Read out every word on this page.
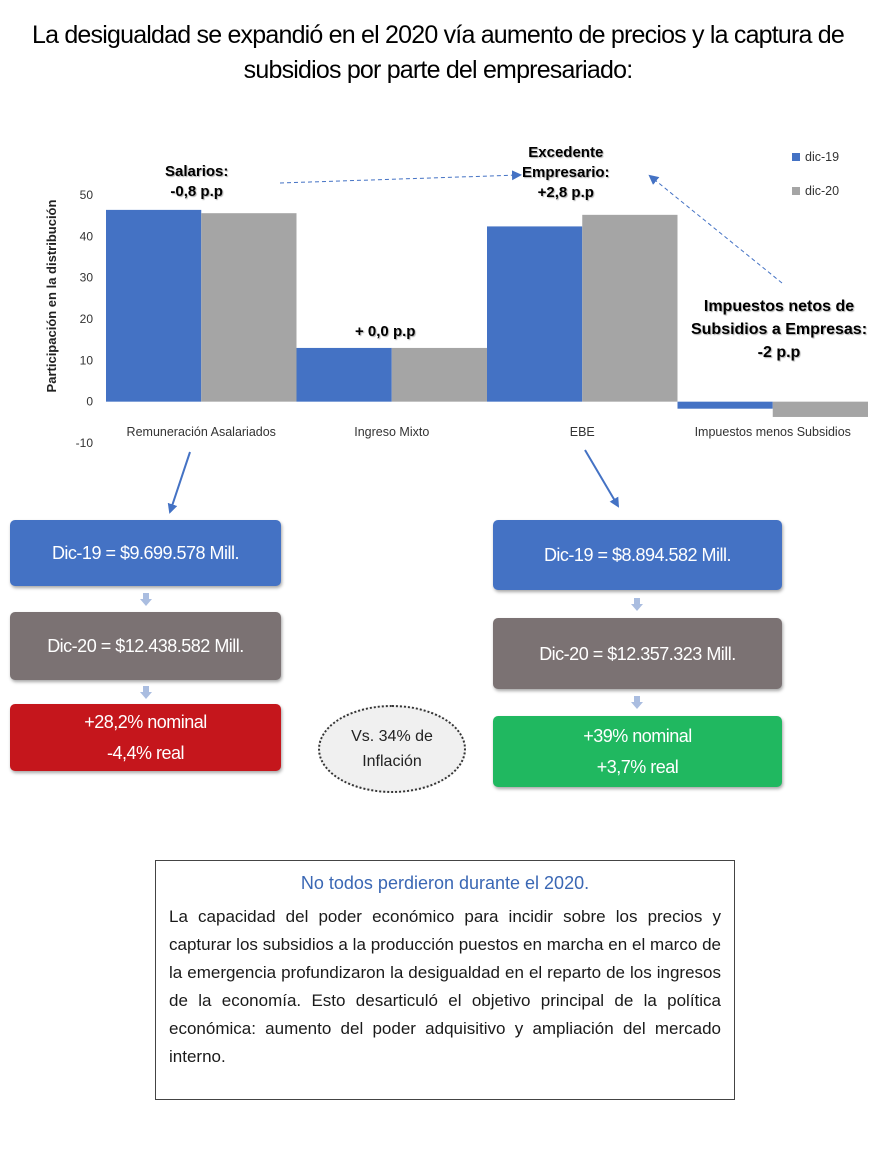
La desigualdad se expandió en el 2020 vía aumento de precios y la captura de subsidios por parte del empresariado:
Participación en la distribución
-10
0
10
20
30
40
50
Remuneración Asalariados	Ingreso Mixto	EBE	Impuestos menos Subsidios
dic-19
dic-20
Salarios:
-0,8 p.p
+ 0,0 p.p
Excedente
Empresario:
+2,8 p.p
Impuestos netos de
Subsidios a Empresas:
-2 p.p
Dic-19 = $9.699.578 Mill.
Dic-20 = $12.438.582 Mill.
+28,2% nominal
-4,4% real
Vs. 34% de
Inflación
Dic-19 = $8.894.582 Mill.
Dic-20 = $12.357.323 Mill.
+39% nominal
+3,7% real
No todos perdieron durante el 2020.
La capacidad del poder económico para incidir sobre los precios y capturar los subsidios a la producción puestos en marcha en el marco de la emergencia profundizaron la desigualdad en el reparto de los ingresos de la economía. Esto desarticuló el objetivo principal de la política económica: aumento del poder adquisitivo y ampliación del mercado interno.
